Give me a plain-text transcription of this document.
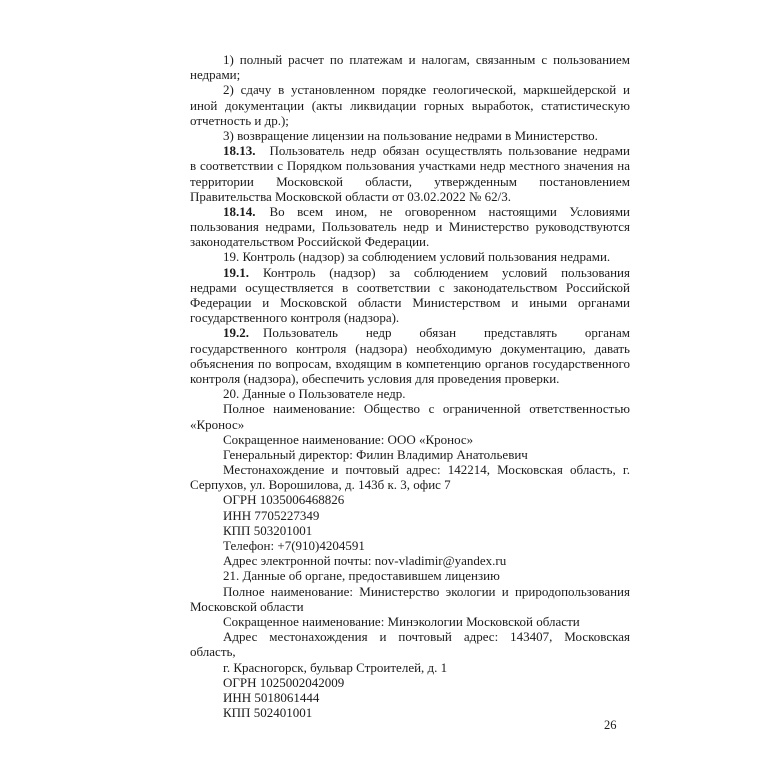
1) полный расчет по платежам и налогам, связанным с пользованием
недрами;
2) сдачу в установленном порядке геологической, маркшейдерской и
иной документации (акты ликвидации горных выработок, статистическую
отчетность и др.);
3) возвращение лицензии на пользование недрами в Министерство.
18.13. Пользователь недр обязан осуществлять пользование недрами
в соответствии с Порядком пользования участками недр местного значения на
территории Московской области, утвержденным постановлением
Правительства Московской области от 03.02.2022 № 62/3.
18.14. Во всем ином, не оговоренном настоящими Условиями
пользования недрами, Пользователь недр и Министерство руководствуются
законодательством Российской Федерации.
19. Контроль (надзор) за соблюдением условий пользования недрами.
19.1. Контроль (надзор) за соблюдением условий пользования
недрами осуществляется в соответствии с законодательством Российской
Федерации и Московской области Министерством и иными органами
государственного контроля (надзора).
19.2. Пользователь недр обязан представлять органам
государственного контроля (надзора) необходимую документацию, давать
объяснения по вопросам, входящим в компетенцию органов государственного
контроля (надзора), обеспечить условия для проведения проверки.
20. Данные о Пользователе недр.
Полное наименование: Общество с ограниченной ответственностью
«Кронос»
Сокращенное наименование: ООО «Кронос»
Генеральный директор: Филин Владимир Анатольевич
Местонахождение и почтовый адрес: 142214, Московская область, г.
Серпухов, ул. Ворошилова, д. 143б к. 3, офис 7
ОГРН 1035006468826
ИНН 7705227349
КПП 503201001
Телефон: +7(910)4204591
Адрес электронной почты: nov-vladimir@yandex.ru
21. Данные об органе, предоставившем лицензию
Полное наименование: Министерство экологии и природопользования
Московской области
Сокращенное наименование: Минэкологии Московской области
Адрес местонахождения и почтовый адрес: 143407, Московская
область,
г. Красногорск, бульвар Строителей, д. 1
ОГРН 1025002042009
ИНН 5018061444
КПП 502401001
26
